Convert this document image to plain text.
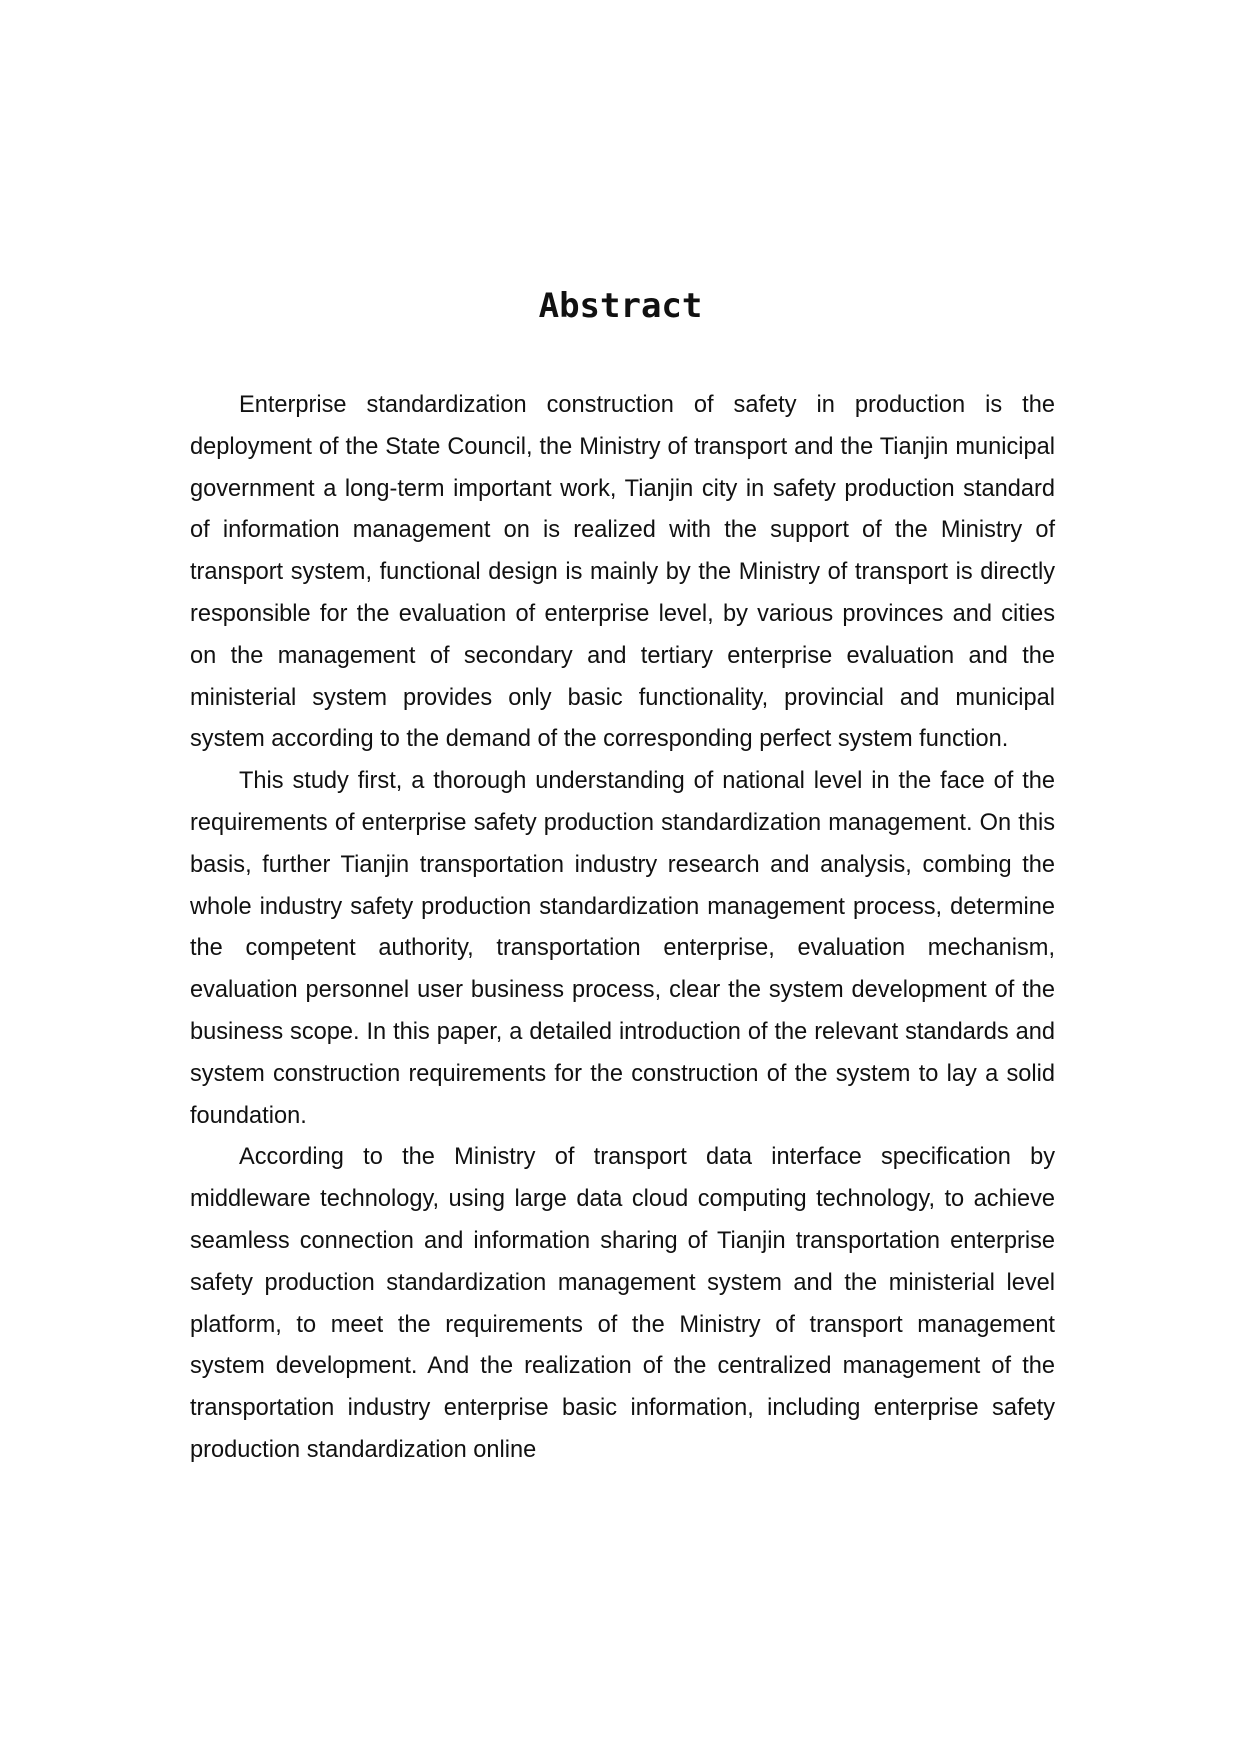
Abstract

Enterprise standardization construction of safety in production is the deployment of the State Council, the Ministry of transport and the Tianjin municipal government a long-term important work, Tianjin city in safety production standard of information management on is realized with the support of the Ministry of transport system, functional design is mainly by the Ministry of transport is directly responsible for the evaluation of enterprise level, by various provinces and cities on the management of secondary and tertiary enterprise evaluation and the ministerial system provides only basic functionality, provincial and municipal system according to the demand of the corresponding perfect system function.

This study first, a thorough understanding of national level in the face of the requirements of enterprise safety production standardization management. On this basis, further Tianjin transportation industry research and analysis, combing the whole industry safety production standardization management process, determine the competent authority, transportation enterprise, evaluation mechanism, evaluation personnel user business process, clear the system development of the business scope. In this paper, a detailed introduction of the relevant standards and system construction requirements for the construction of the system to lay a solid foundation.

According to the Ministry of transport data interface specification by middleware technology, using large data cloud computing technology, to achieve seamless connection and information sharing of Tianjin transportation enterprise safety production standardization management system and the ministerial level platform, to meet the requirements of the Ministry of transport management system development. And the realization of the centralized management of the transportation industry enterprise basic information, including enterprise safety production standardization online
